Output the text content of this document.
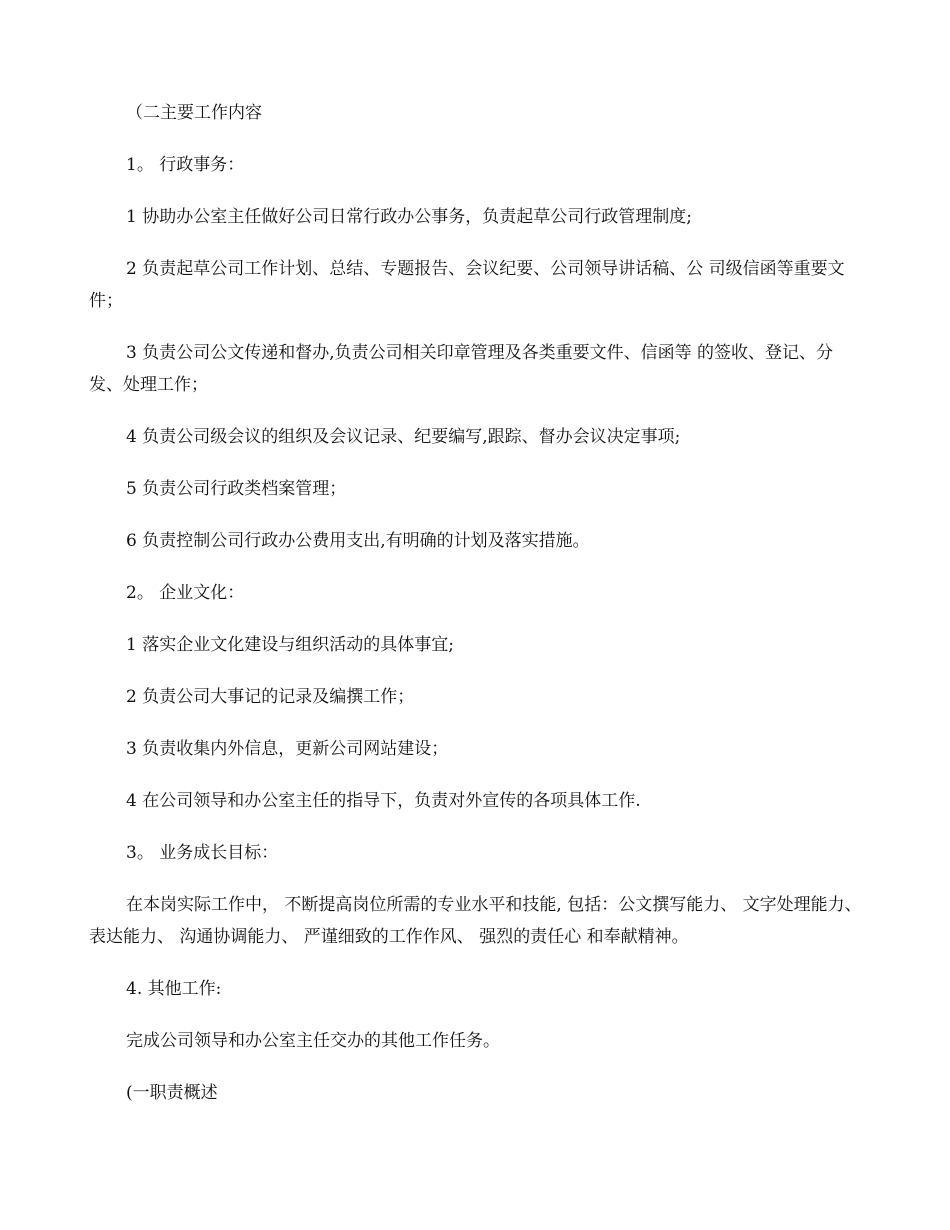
（二主要工作内容

1。 行政事务：

1 协助办公室主任做好公司日常行政办公事务，负责起草公司行政管理制度;

2 负责起草公司工作计划、总结、专题报告、会议纪要、公司领导讲话稿、公 司级信函等重要文件；

3 负责公司公文传递和督办,负责公司相关印章管理及各类重要文件、信函等 的签收、登记、分发、处理工作；

4 负责公司级会议的组织及会议记录、纪要编写,跟踪、督办会议决定事项;

5 负责公司行政类档案管理；

6 负责控制公司行政办公费用支出,有明确的计划及落实措施。

2。 企业文化：

1 落实企业文化建设与组织活动的具体事宜;

2 负责公司大事记的记录及编撰工作；

3 负责收集内外信息，更新公司网站建设；

4 在公司领导和办公室主任的指导下，负责对外宣传的各项具体工作.

3。 业务成长目标：

在本岗实际工作中， 不断提高岗位所需的专业水平和技能, 包括：公文撰写能力、 文字处理能力、 表达能力、 沟通协调能力、 严谨细致的工作作风、 强烈的责任心 和奉献精神。

4. 其他工作:

完成公司领导和办公室主任交办的其他工作任务。

(一职责概述
